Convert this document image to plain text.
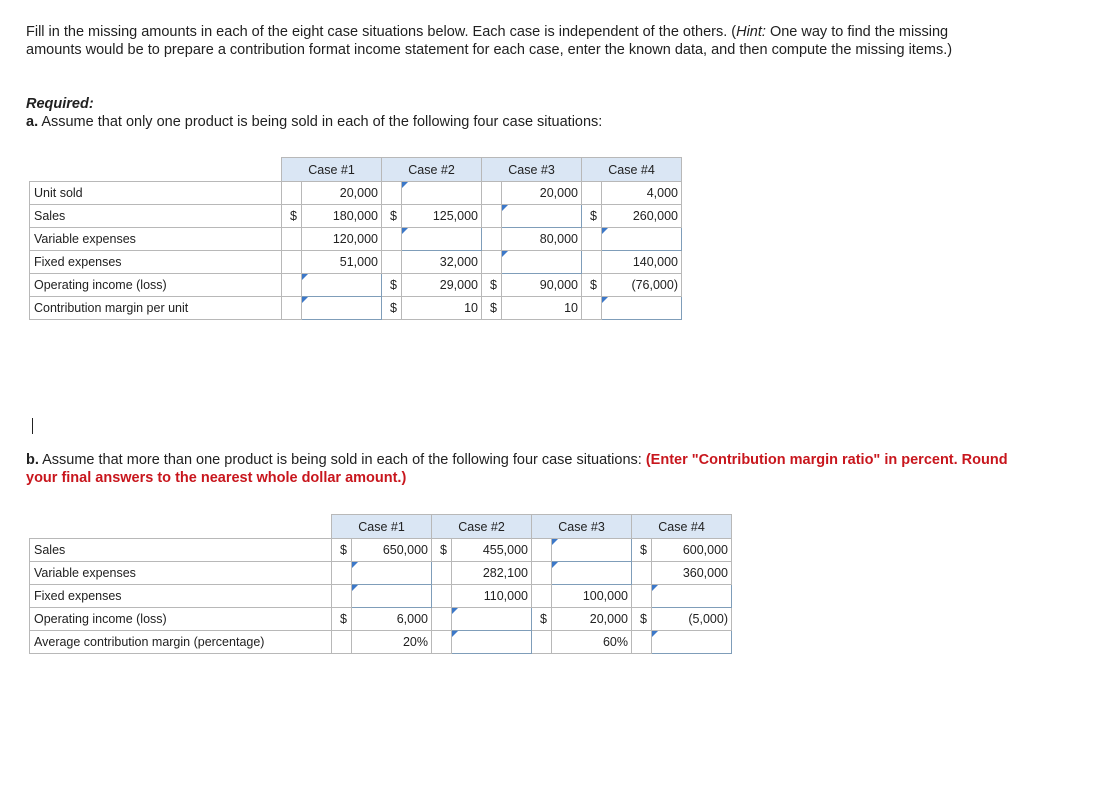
Fill in the missing amounts in each of the eight case situations below. Each case is independent of the others. (Hint: One way to find the missing amounts would be to prepare a contribution format income statement for each case, enter the known data, and then compute the missing items.)

Required:

a. Assume that only one product is being sold in each of the following four case situations:

	Case #1		Case #2		Case #3		Case #4	
Unit sold		20,000				20,000		4,000
Sales	$	180,000	$	125,000			$	260,000
Variable expenses		120,000				80,000		
Fixed expenses		51,000		32,000				140,000
Operating income (loss)			$	29,000	$	90,000	$	(76,000)
Contribution margin per unit			$	10	$	10		

b. Assume that more than one product is being sold in each of the following four case situations: (Enter "Contribution margin ratio" in percent. Round your final answers to the nearest whole dollar amount.)

	Case #1		Case #2		Case #3		Case #4	
Sales	$	650,000	$	455,000			$	600,000
Variable expenses				282,100				360,000
Fixed expenses				110,000		100,000		
Operating income (loss)	$	6,000			$	20,000	$	(5,000)
Average contribution margin (percentage)		20%				60%		
